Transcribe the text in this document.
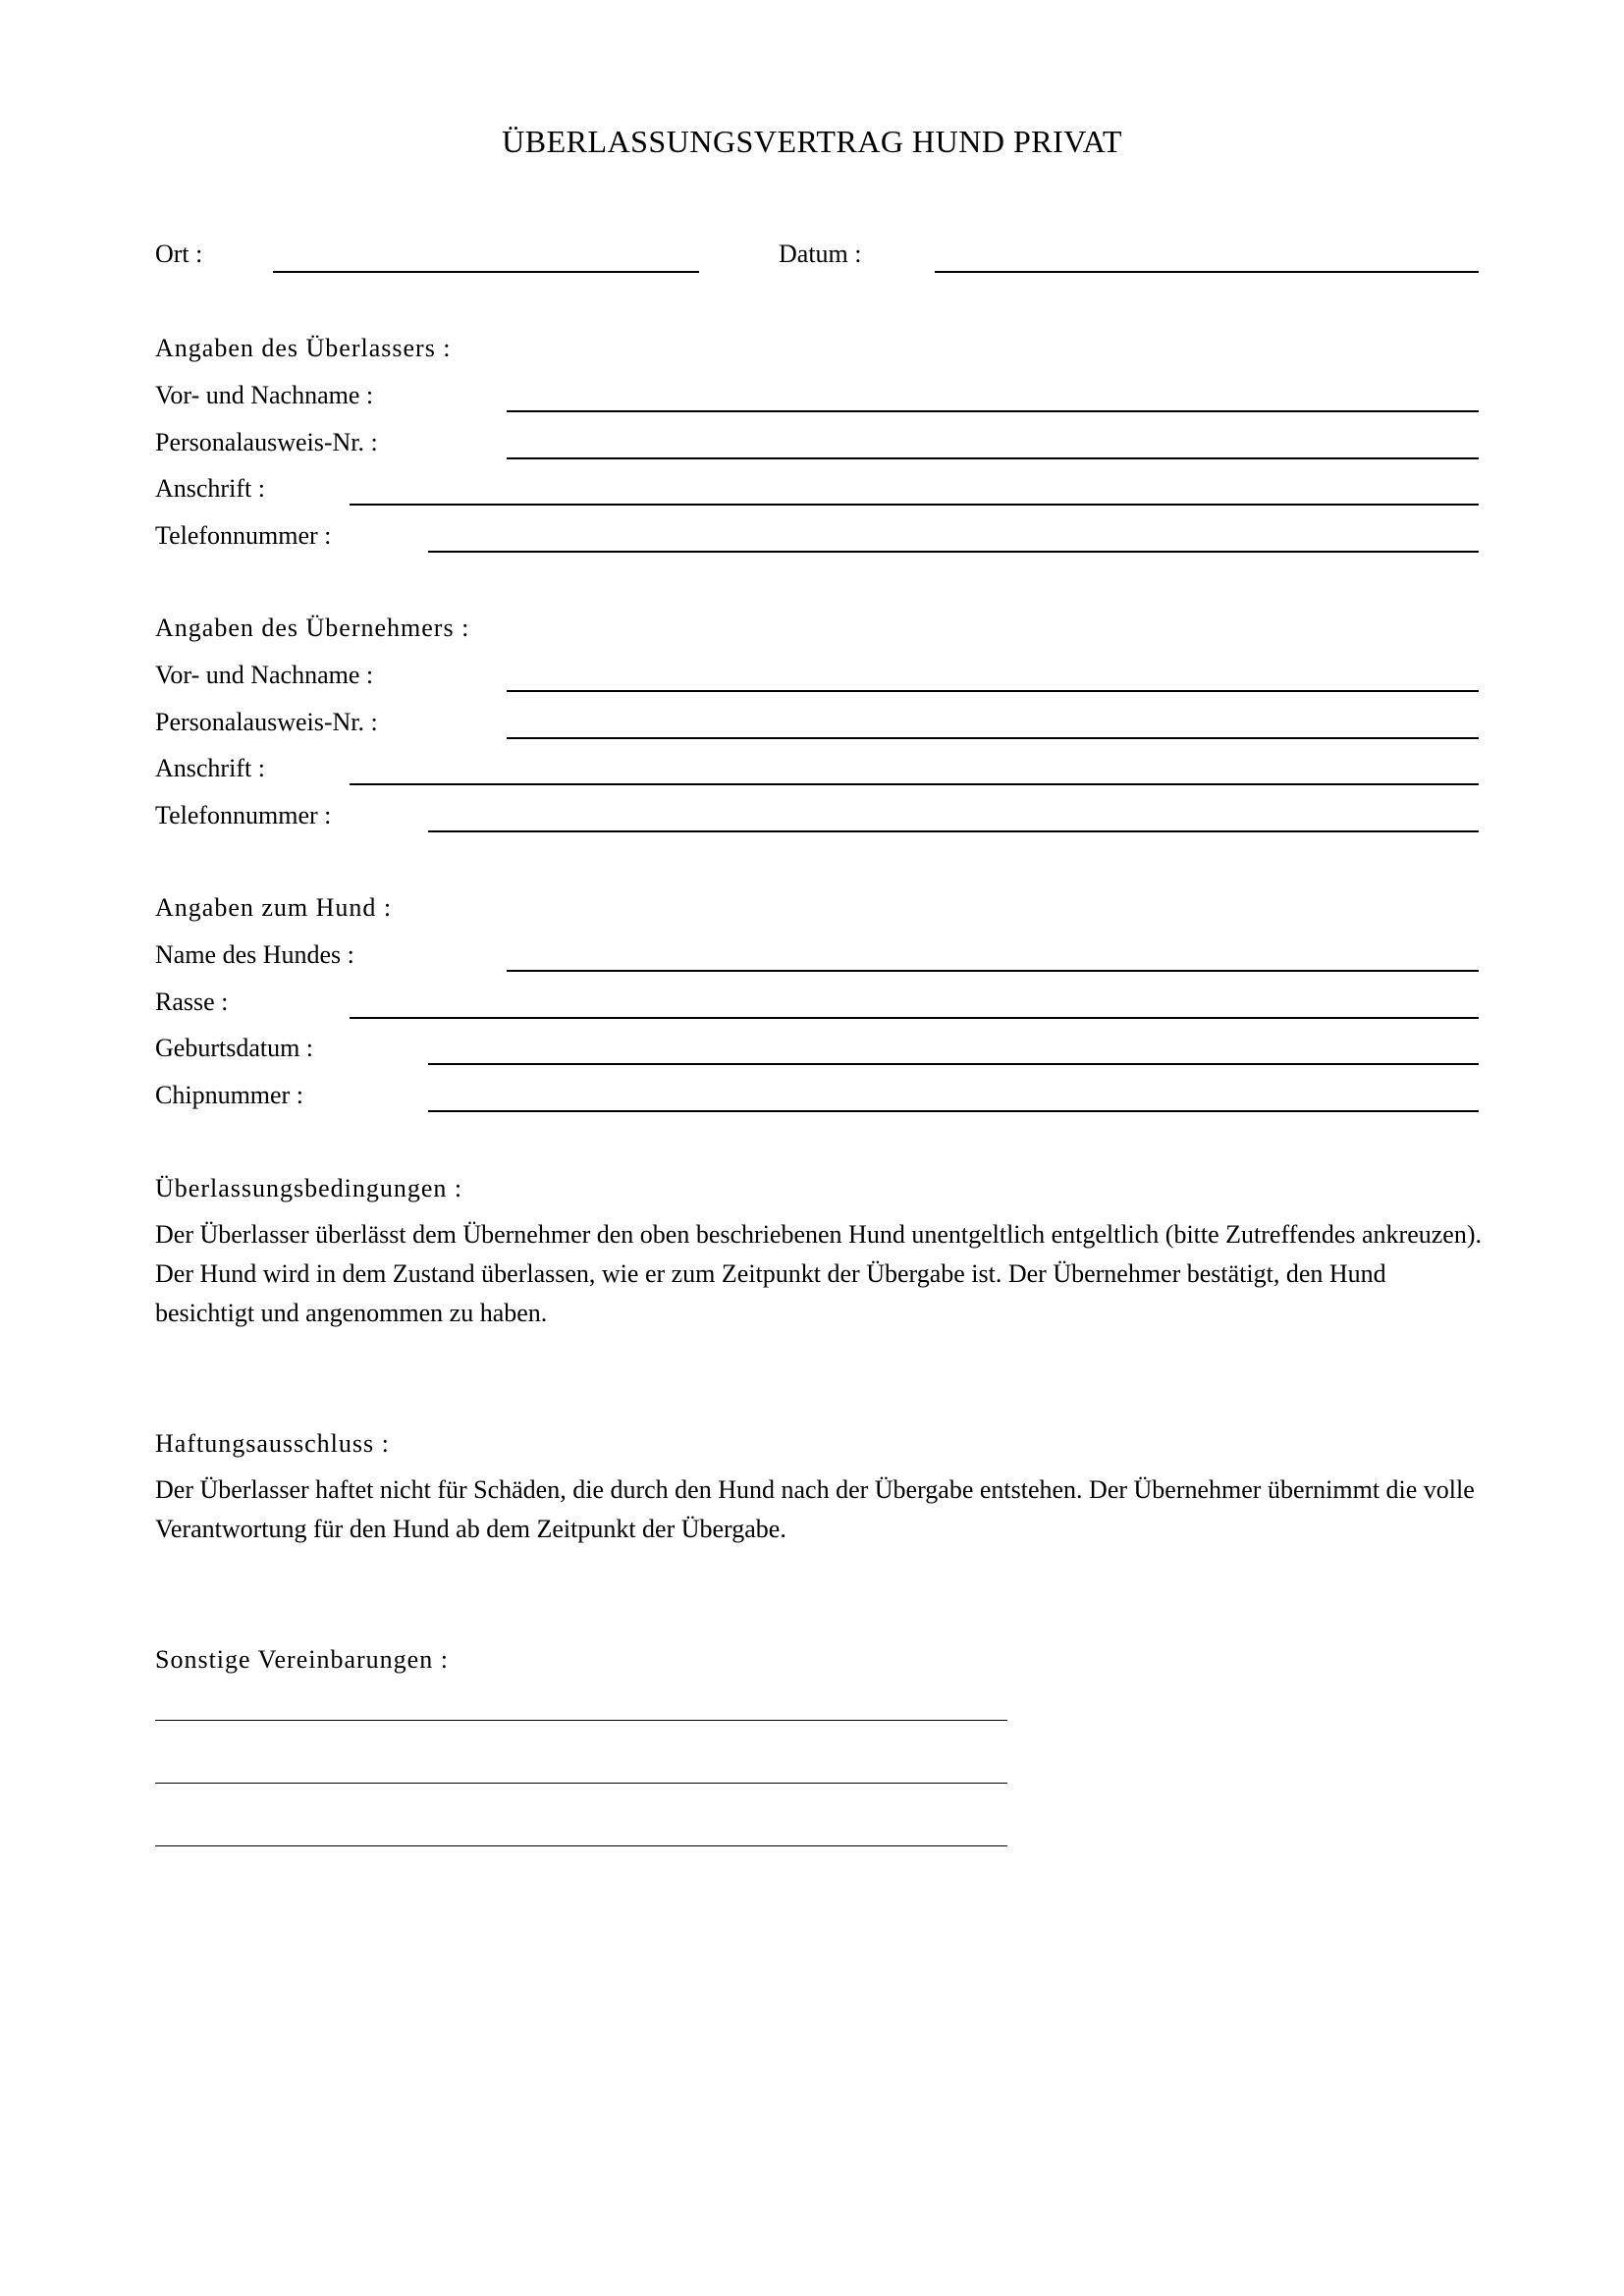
ÜBERLASSUNGSVERTRAG HUND PRIVAT
Ort :	Datum :
Angaben des Überlassers :
Vor- und Nachname :
Personalausweis-Nr. :
Anschrift :
Telefonnummer :
Angaben des Übernehmers :
Vor- und Nachname :
Personalausweis-Nr. :
Anschrift :
Telefonnummer :
Angaben zum Hund :
Name des Hundes :
Rasse :
Geburtsdatum :
Chipnummer :
Überlassungsbedingungen :
Der Überlasser überlässt dem Übernehmer den oben beschriebenen Hund unentgeltlich entgeltlich (bitte Zutreffendes ankreuzen). Der Hund wird in dem Zustand überlassen, wie er zum Zeitpunkt der Übergabe ist. Der Übernehmer bestätigt, den Hund besichtigt und angenommen zu haben.
Haftungsausschluss :
Der Überlasser haftet nicht für Schäden, die durch den Hund nach der Übergabe entstehen. Der Übernehmer übernimmt die volle Verantwortung für den Hund ab dem Zeitpunkt der Übergabe.
Sonstige Vereinbarungen :
